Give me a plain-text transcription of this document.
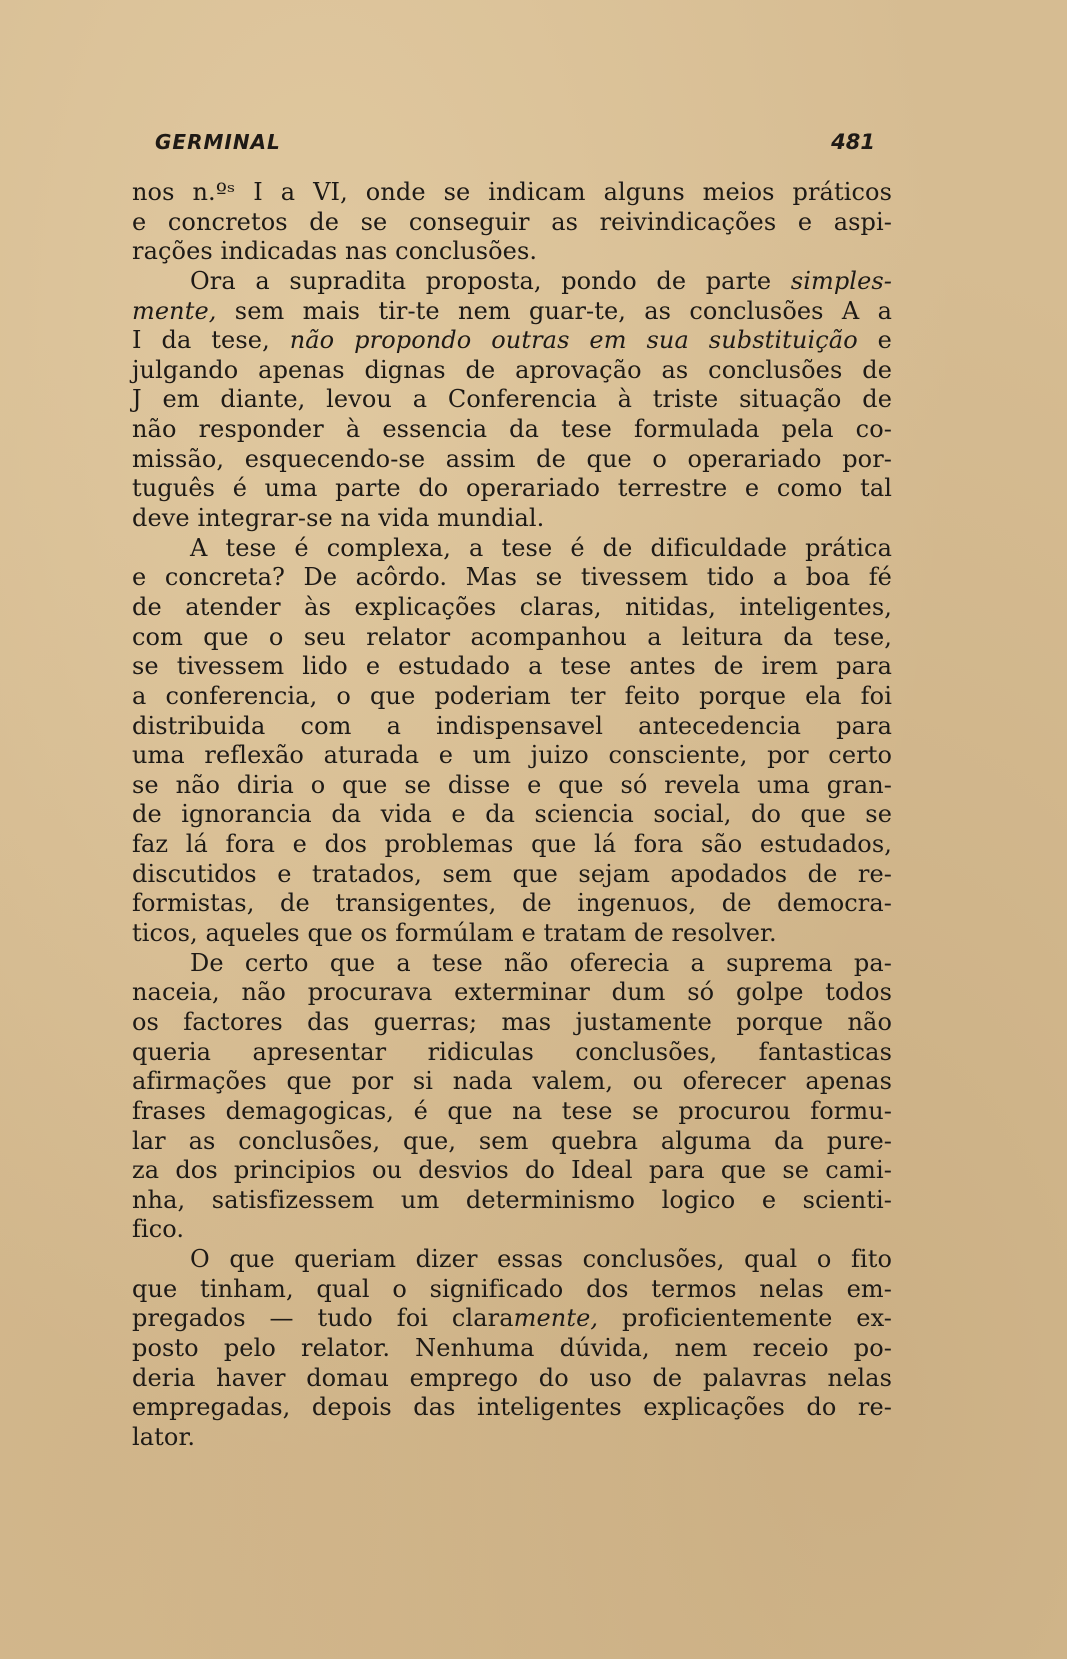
GERMINAL	481
nos n.ºˢ I a VI, onde se indicam alguns meios práticos
e concretos de se conseguir as reivindicações e aspi-
rações indicadas nas conclusões.
Ora a supradita proposta, pondo de parte simples-
mente, sem mais tir-te nem guar-te, as conclusões A a
I da tese, não propondo outras em sua substituição e
julgando apenas dignas de aprovação as conclusões de
J em diante, levou a Conferencia à triste situação de
não responder à essencia da tese formulada pela co-
missão, esquecendo-se assim de que o operariado por-
tuguês é uma parte do operariado terrestre e como tal
deve integrar-se na vida mundial.
A tese é complexa, a tese é de dificuldade prática
e concreta? De acôrdo. Mas se tivessem tido a boa fé
de atender às explicações claras, nitidas, inteligentes,
com que o seu relator acompanhou a leitura da tese,
se tivessem lido e estudado a tese antes de irem para
a conferencia, o que poderiam ter feito porque ela foi
distribuida com a indispensavel antecedencia para
uma reflexão aturada e um juizo consciente, por certo
se não diria o que se disse e que só revela uma gran-
de ignorancia da vida e da sciencia social, do que se
faz lá fora e dos problemas que lá fora são estudados,
discutidos e tratados, sem que sejam apodados de re-
formistas, de transigentes, de ingenuos, de democra-
ticos, aqueles que os formúlam e tratam de resolver.
De certo que a tese não oferecia a suprema pa-
naceia, não procurava exterminar dum só golpe todos
os factores das guerras; mas justamente porque não
queria apresentar ridiculas conclusões, fantasticas
afirmações que por si nada valem, ou oferecer apenas
frases demagogicas, é que na tese se procurou formu-
lar as conclusões, que, sem quebra alguma da pure-
za dos principios ou desvios do Ideal para que se cami-
nha, satisfizessem um determinismo logico e scienti-
fico.
O que queriam dizer essas conclusões, qual o fito
que tinham, qual o significado dos termos nelas em-
pregados — tudo foi claramente, proficientemente ex-
posto pelo relator. Nenhuma dúvida, nem receio po-
deria haver domau emprego do uso de palavras nelas
empregadas, depois das inteligentes explicações do re-
lator.
